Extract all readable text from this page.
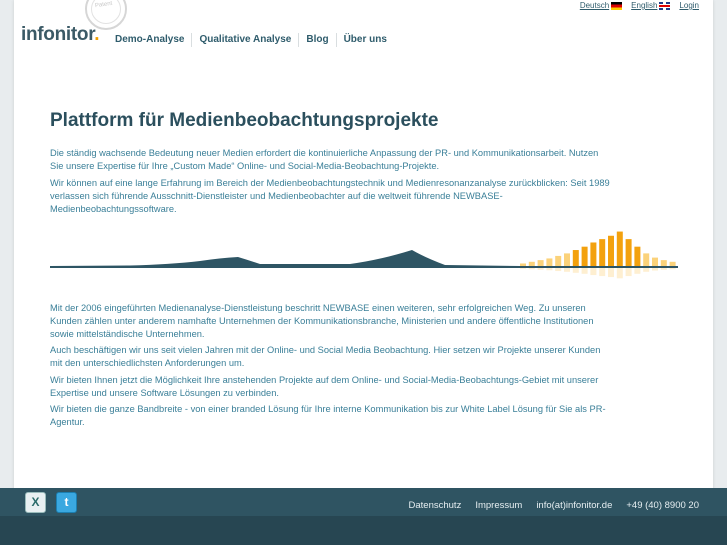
Patent
infonitor.
Deutsch	English	Login
Demo-Analyse	Qualitative Analyse	Blog	Über uns
Plattform für Medienbeobachtungsprojekte

Die ständig wachsende Bedeutung neuer Medien erfordert die kontinuierliche Anpassung der PR- und Kommunikationsarbeit. Nutzen Sie unsere Expertise für Ihre „Custom Made“ Online- und Social-Media-Beobachtung-Projekte.

Wir können auf eine lange Erfahrung im Bereich der Medienbeobachtungstechnik und Medienresonanzanalyse zurückblicken: Seit 1989 verlassen sich führende Ausschnitt-Dienstleister und Medienbeobachter auf die weltweit führende NEWBASE-Medienbeobachtungssoftware.

Mit der 2006 eingeführten Medienanalyse-Dienstleistung beschritt NEWBASE einen weiteren, sehr erfolgreichen Weg. Zu unseren Kunden zählen unter anderem namhafte Unternehmen der Kommunikationsbranche, Ministerien und andere öffentliche Institutionen sowie mittelständische Unternehmen.

Auch beschäftigen wir uns seit vielen Jahren mit der Online- und Social Media Beobachtung. Hier setzen wir Projekte unserer Kunden mit den unterschiedlichsten Anforderungen um.

Wir bieten Ihnen jetzt die Möglichkeit Ihre anstehenden Projekte auf dem Online- und Social-Media-Beobachtungs-Gebiet mit unserer Expertise und unsere Software Lösungen zu verbinden.

Wir bieten die ganze Bandbreite - von einer branded Lösung für Ihre interne Kommunikation bis zur White Label Lösung für Sie als PR-Agentur.

X	t	Datenschutz Impressum info(at)infonitor.de +49 (40) 8900 20
